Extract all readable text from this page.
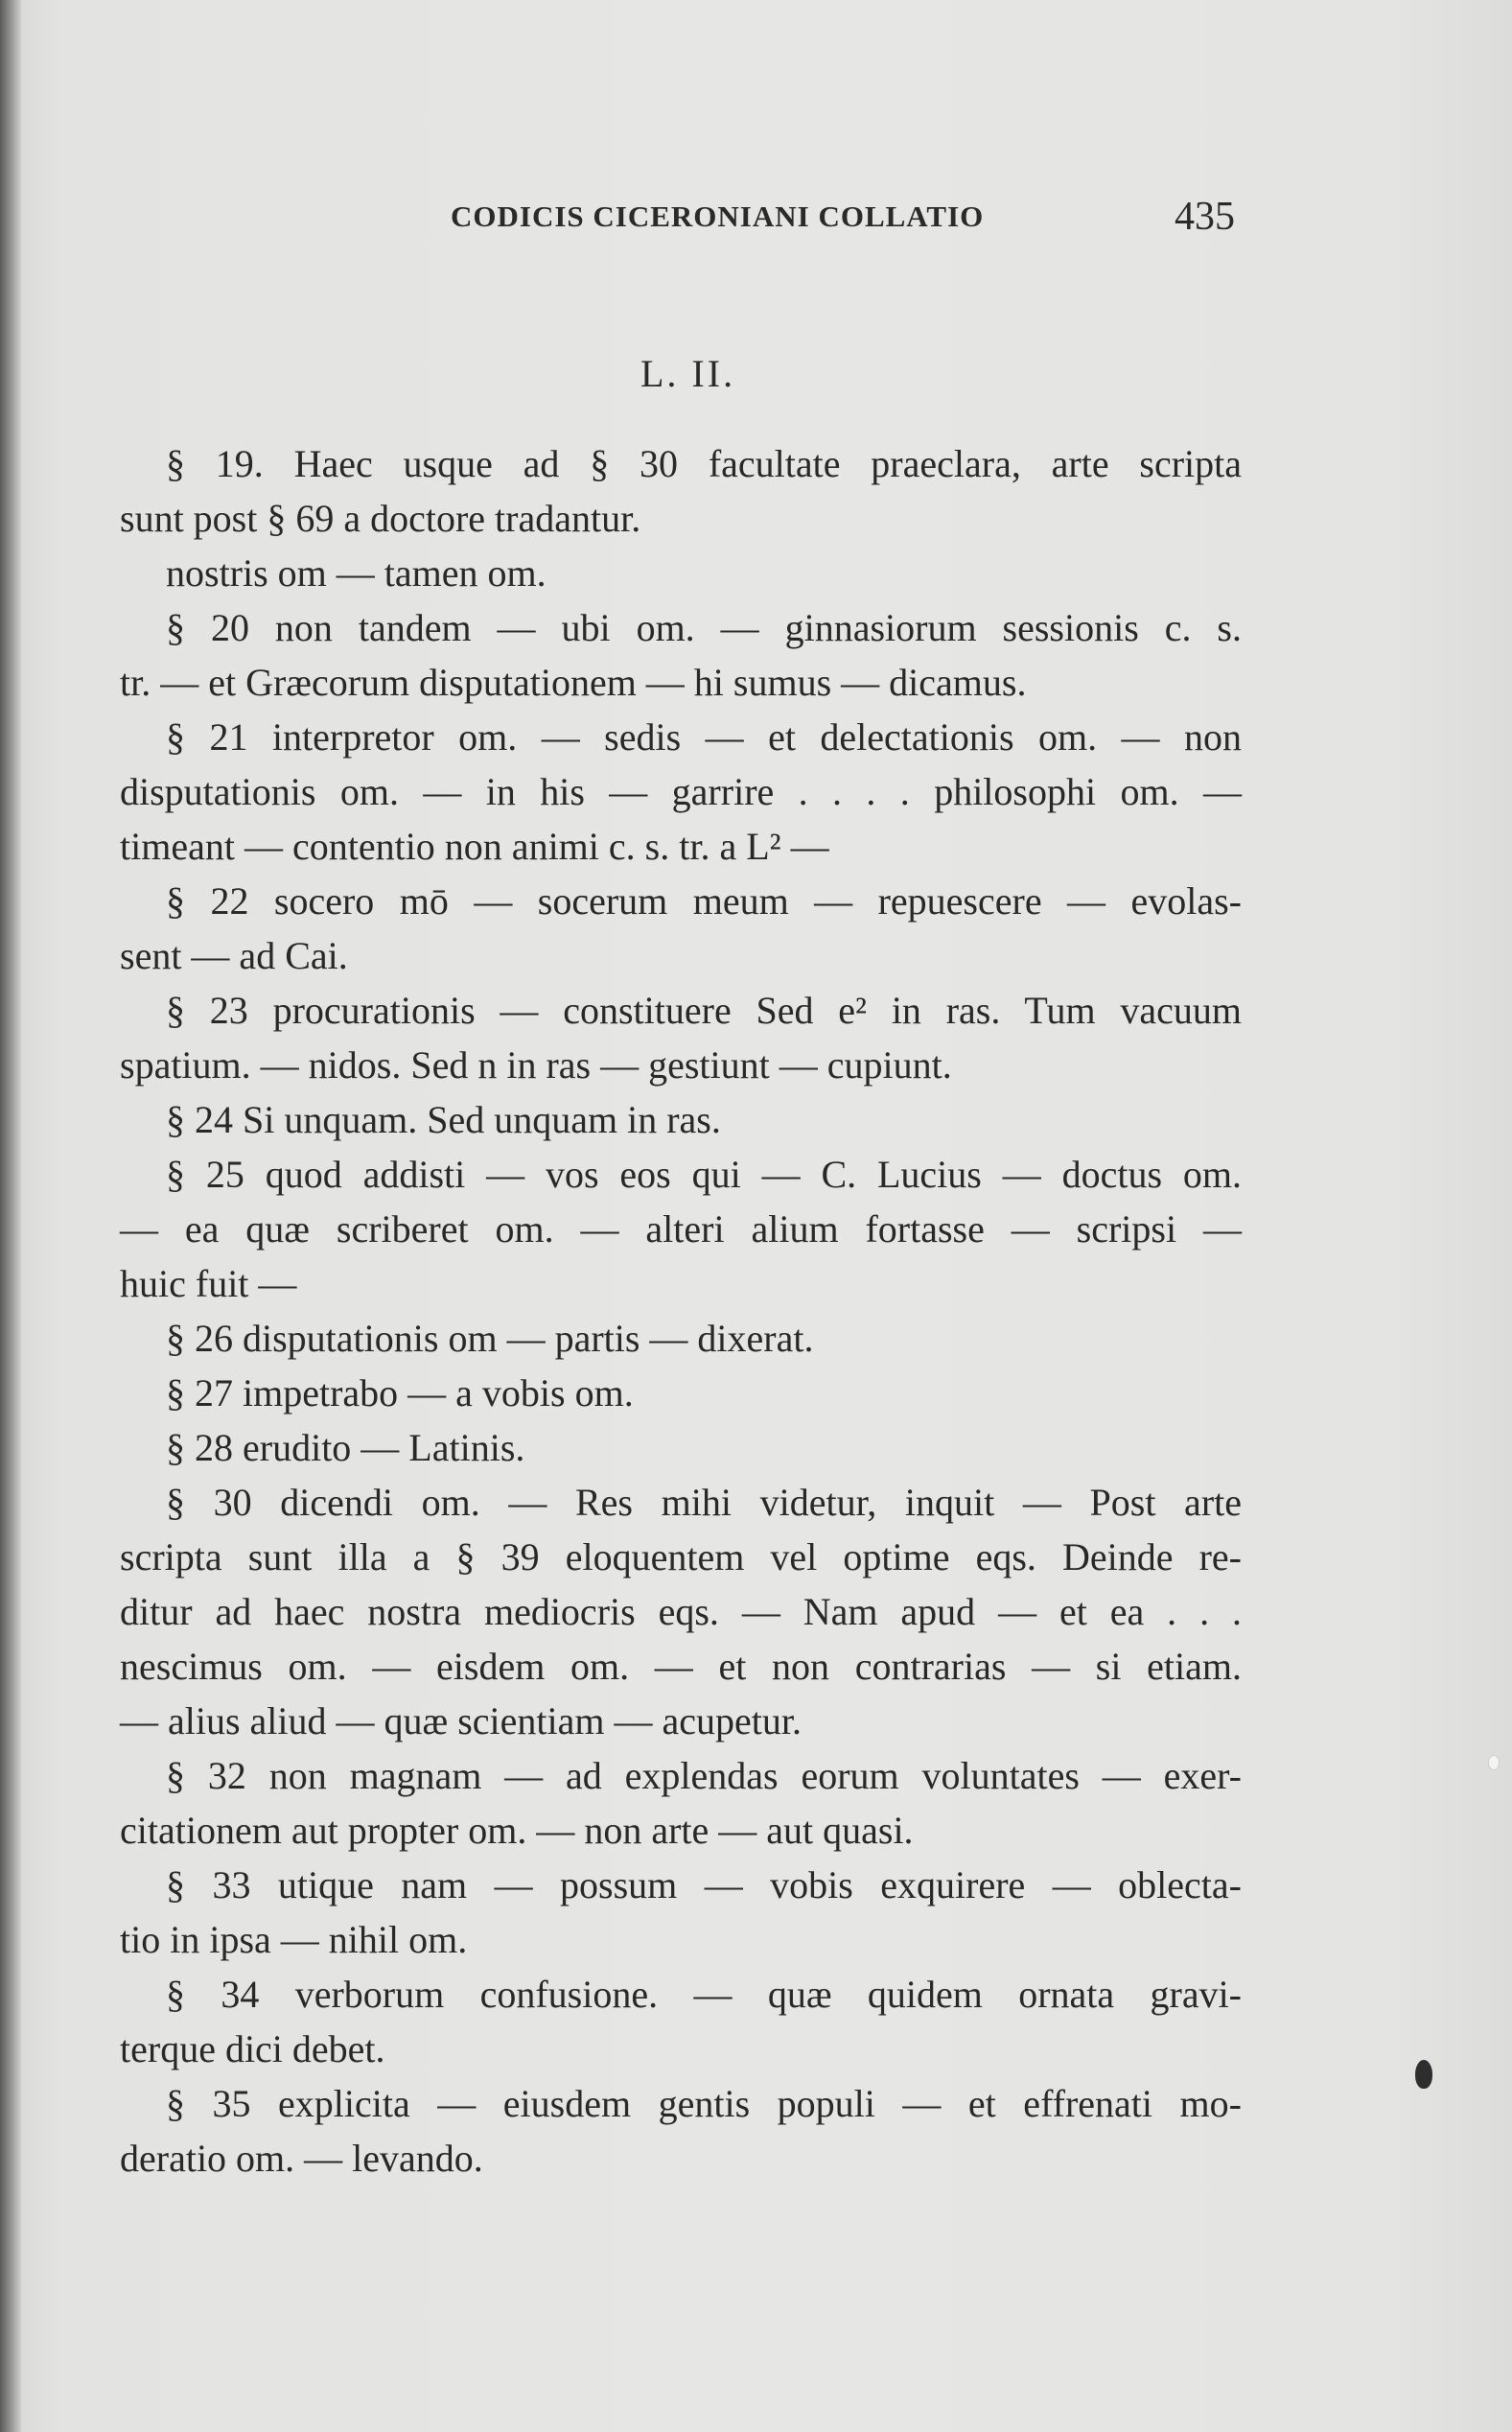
CODICIS CICERONIANI COLLATIO	435
L. II.
§ 19. Haec usque ad § 30 facultate praeclara, arte scripta
sunt post § 69 a doctore tradantur.
nostris om — tamen om.
§ 20 non tandem — ubi om. — ginnasiorum sessionis c. s.
tr. — et Græcorum disputationem — hi sumus — dicamus.
§ 21 interpretor om. — sedis — et delectationis om. — non
disputationis om. — in his — garrire . . . . philosophi om. —
timeant — contentio non animi c. s. tr. a L² —
§ 22 socero mō — socerum meum — repuescere — evolas-
sent — ad Cai.
§ 23 procurationis — constituere Sed e² in ras. Tum vacuum
spatium. — nidos. Sed n in ras — gestiunt — cupiunt.
§ 24 Si unquam. Sed unquam in ras.
§ 25 quod addisti — vos eos qui — C. Lucius — doctus om.
— ea quæ scriberet om. — alteri alium fortasse — scripsi —
huic fuit —
§ 26 disputationis om — partis — dixerat.
§ 27 impetrabo — a vobis om.
§ 28 erudito — Latinis.
§ 30 dicendi om. — Res mihi videtur, inquit — Post arte
scripta sunt illa a § 39 eloquentem vel optime eqs. Deinde re-
ditur ad haec nostra mediocris eqs. — Nam apud — et ea . . .
nescimus om. — eisdem om. — et non contrarias — si etiam.
— alius aliud — quæ scientiam — acupetur.
§ 32 non magnam — ad explendas eorum voluntates — exer-
citationem aut propter om. — non arte — aut quasi.
§ 33 utique nam — possum — vobis exquirere — oblecta-
tio in ipsa — nihil om.
§ 34 verborum confusione. — quæ quidem ornata gravi-
terque dici debet.
§ 35 explicita — eiusdem gentis populi — et effrenati mo-
deratio om. — levando.
